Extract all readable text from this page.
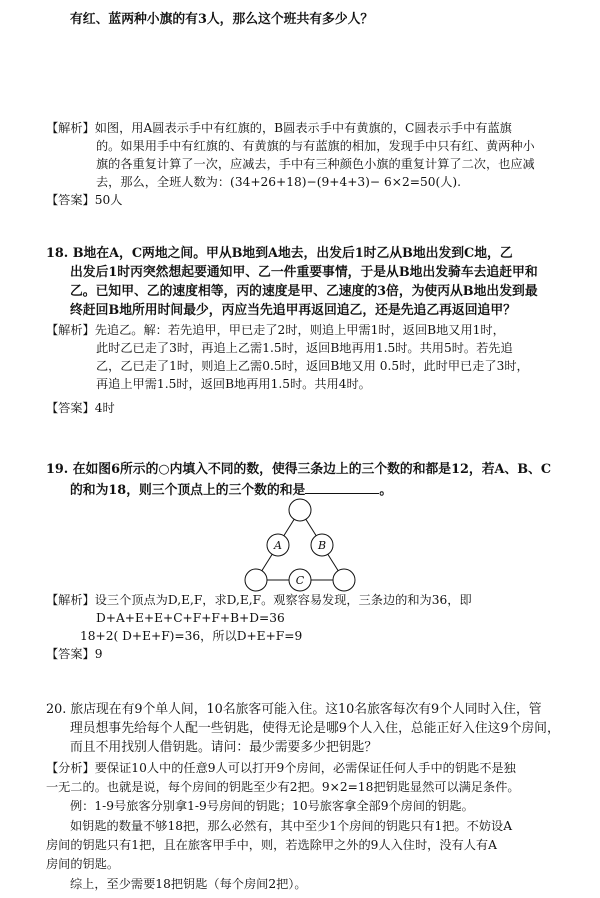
有红、蓝两种小旗的有3人，那么这个班共有多少人？
【解析】如图，用A圆表示手中有红旗的，B圆表示手中有黄旗的，C圆表示手中有蓝旗
的。如果用手中有红旗的、有黄旗的与有蓝旗的相加，发现手中只有红、黄两种小
旗的各重复计算了一次，应减去，手中有三种颜色小旗的重复计算了二次，也应减
去，那么，全班人数为：(34+26+18)−(9+4+3)− 6×2=50(人).
【答案】50人
18. B地在A，C两地之间。甲从B地到A地去，出发后1时乙从B地出发到C地，乙
出发后1时丙突然想起要通知甲、乙一件重要事情，于是从B地出发骑车去追赶甲和
乙。已知甲、乙的速度相等，丙的速度是甲、乙速度的3倍，为使丙从B地出发到最
终赶回B地所用时间最少，丙应当先追甲再返回追乙，还是先追乙再返回追甲？
【解析】先追乙。解：若先追甲，甲已走了2时，则追上甲需1时，返回B地又用1时，
此时乙已走了3时，再追上乙需1.5时，返回B地再用1.5时。共用5时。若先追
乙，乙已走了1时，则追上乙需0.5时，返回B地又用 0.5时，此时甲已走了3时，
再追上甲需1.5时，返回B地再用1.5时。共用4时。
【答案】4时
19. 在如图6所示的○内填入不同的数，使得三条边上的三个数的和都是12，若A、B、C
的和为18，则三个顶点上的三个数的和是	。
A	B
C
【解析】设三个顶点为D,E,F，求D,E,F。观察容易发现，三条边的和为36，即
D+A+E+E+C+F+F+B+D=36
18+2( D+E+F)=36，所以D+E+F=9
【答案】9
20. 旅店现在有9个单人间，10名旅客可能入住。这10名旅客每次有9个人同时入住，管
理员想事先给每个人配一些钥匙，使得无论是哪9个人入住，总能正好入住这9个房间，
而且不用找别人借钥匙。请问：最少需要多少把钥匙？
【分析】要保证10人中的任意9人可以打开9个房间，必需保证任何人手中的钥匙不是独
一无二的。也就是说，每个房间的钥匙至少有2把。9×2=18把钥匙显然可以满足条件。
例：1-9号旅客分别拿1-9号房间的钥匙；10号旅客拿全部9个房间的钥匙。
如钥匙的数量不够18把，那么必然有，其中至少1个房间的钥匙只有1把。不妨设A
房间的钥匙只有1把，且在旅客甲手中，则，若选除甲之外的9人入住时，没有人有A
房间的钥匙。
综上，至少需要18把钥匙（每个房间2把）。
